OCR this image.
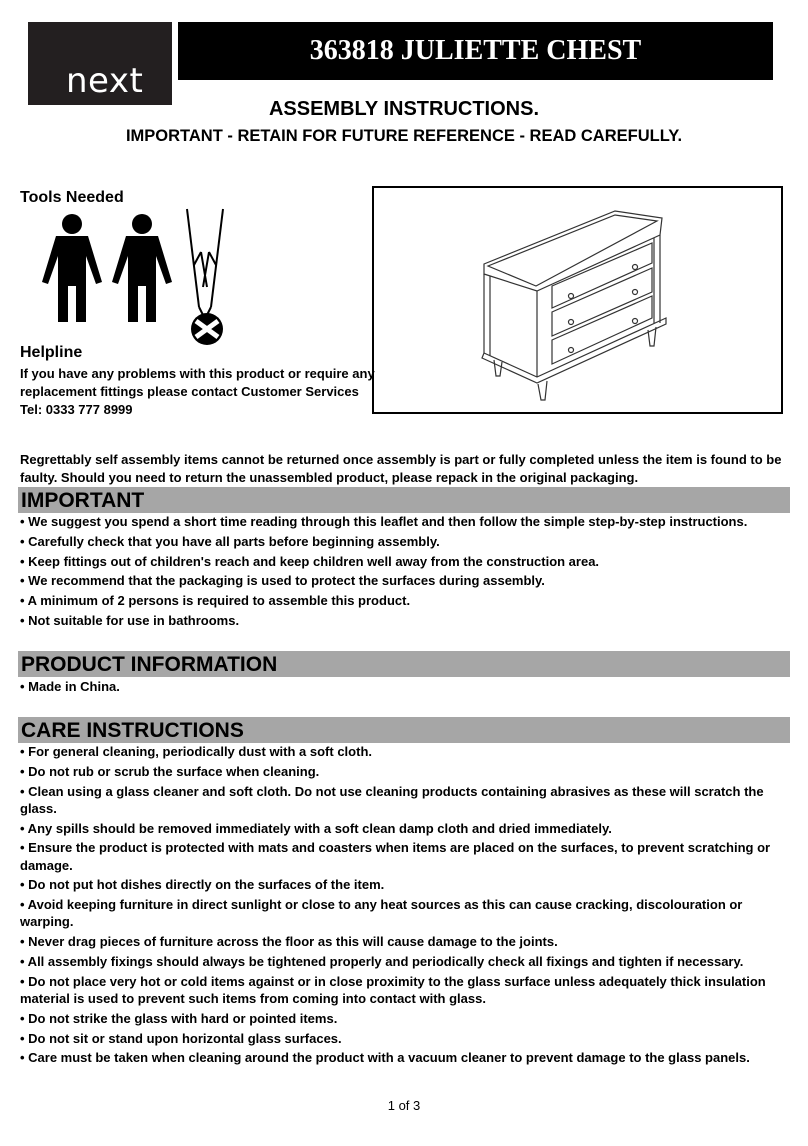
next
363818 JULIETTE CHEST
ASSEMBLY INSTRUCTIONS.
IMPORTANT - RETAIN FOR FUTURE REFERENCE - READ CAREFULLY.
Tools Needed
Helpline
If you have any problems with this product or require any replacement fittings please contact Customer Services Tel: 0333 777 8999
Regrettably self assembly items cannot be returned once assembly is part or fully completed unless the item is found to be faulty. Should you need to return the unassembled product, please repack in the original packaging.
IMPORTANT
• We suggest you spend a short time reading through this leaflet and then follow the simple step-by-step instructions.
• Carefully check that you have all parts before beginning assembly.
• Keep fittings out of children's reach and keep children well away from the construction area.
• We recommend that the packaging is used to protect the surfaces during assembly.
• A minimum of 2 persons is required to assemble this product.
• Not suitable for use in bathrooms.
PRODUCT INFORMATION
• Made in China.
CARE INSTRUCTIONS
• For general cleaning, periodically dust with a soft cloth.
• Do not rub or scrub the surface when cleaning.
• Clean using a glass cleaner and soft cloth. Do not use cleaning products containing abrasives as these will scratch the glass.
• Any spills should be removed immediately with a soft clean damp cloth and dried immediately.
• Ensure the product is protected with mats and coasters when items are placed on the surfaces, to prevent scratching or damage.
• Do not put hot dishes directly on the surfaces of the item.
• Avoid keeping furniture in direct sunlight or close to any heat sources as this can cause cracking, discolouration or warping.
• Never drag pieces of furniture across the floor as this will cause damage to the joints.
• All assembly fixings should always be tightened properly and periodically check all fixings and tighten if necessary.
• Do not place very hot or cold items against or in close proximity to the glass surface unless adequately thick insulation material is used to prevent such items from coming into contact with glass.
• Do not strike the glass with hard or pointed items.
• Do not sit or stand upon horizontal glass surfaces.
• Care must be taken when cleaning around the product with a vacuum cleaner to prevent damage to the glass panels.
1 of 3
